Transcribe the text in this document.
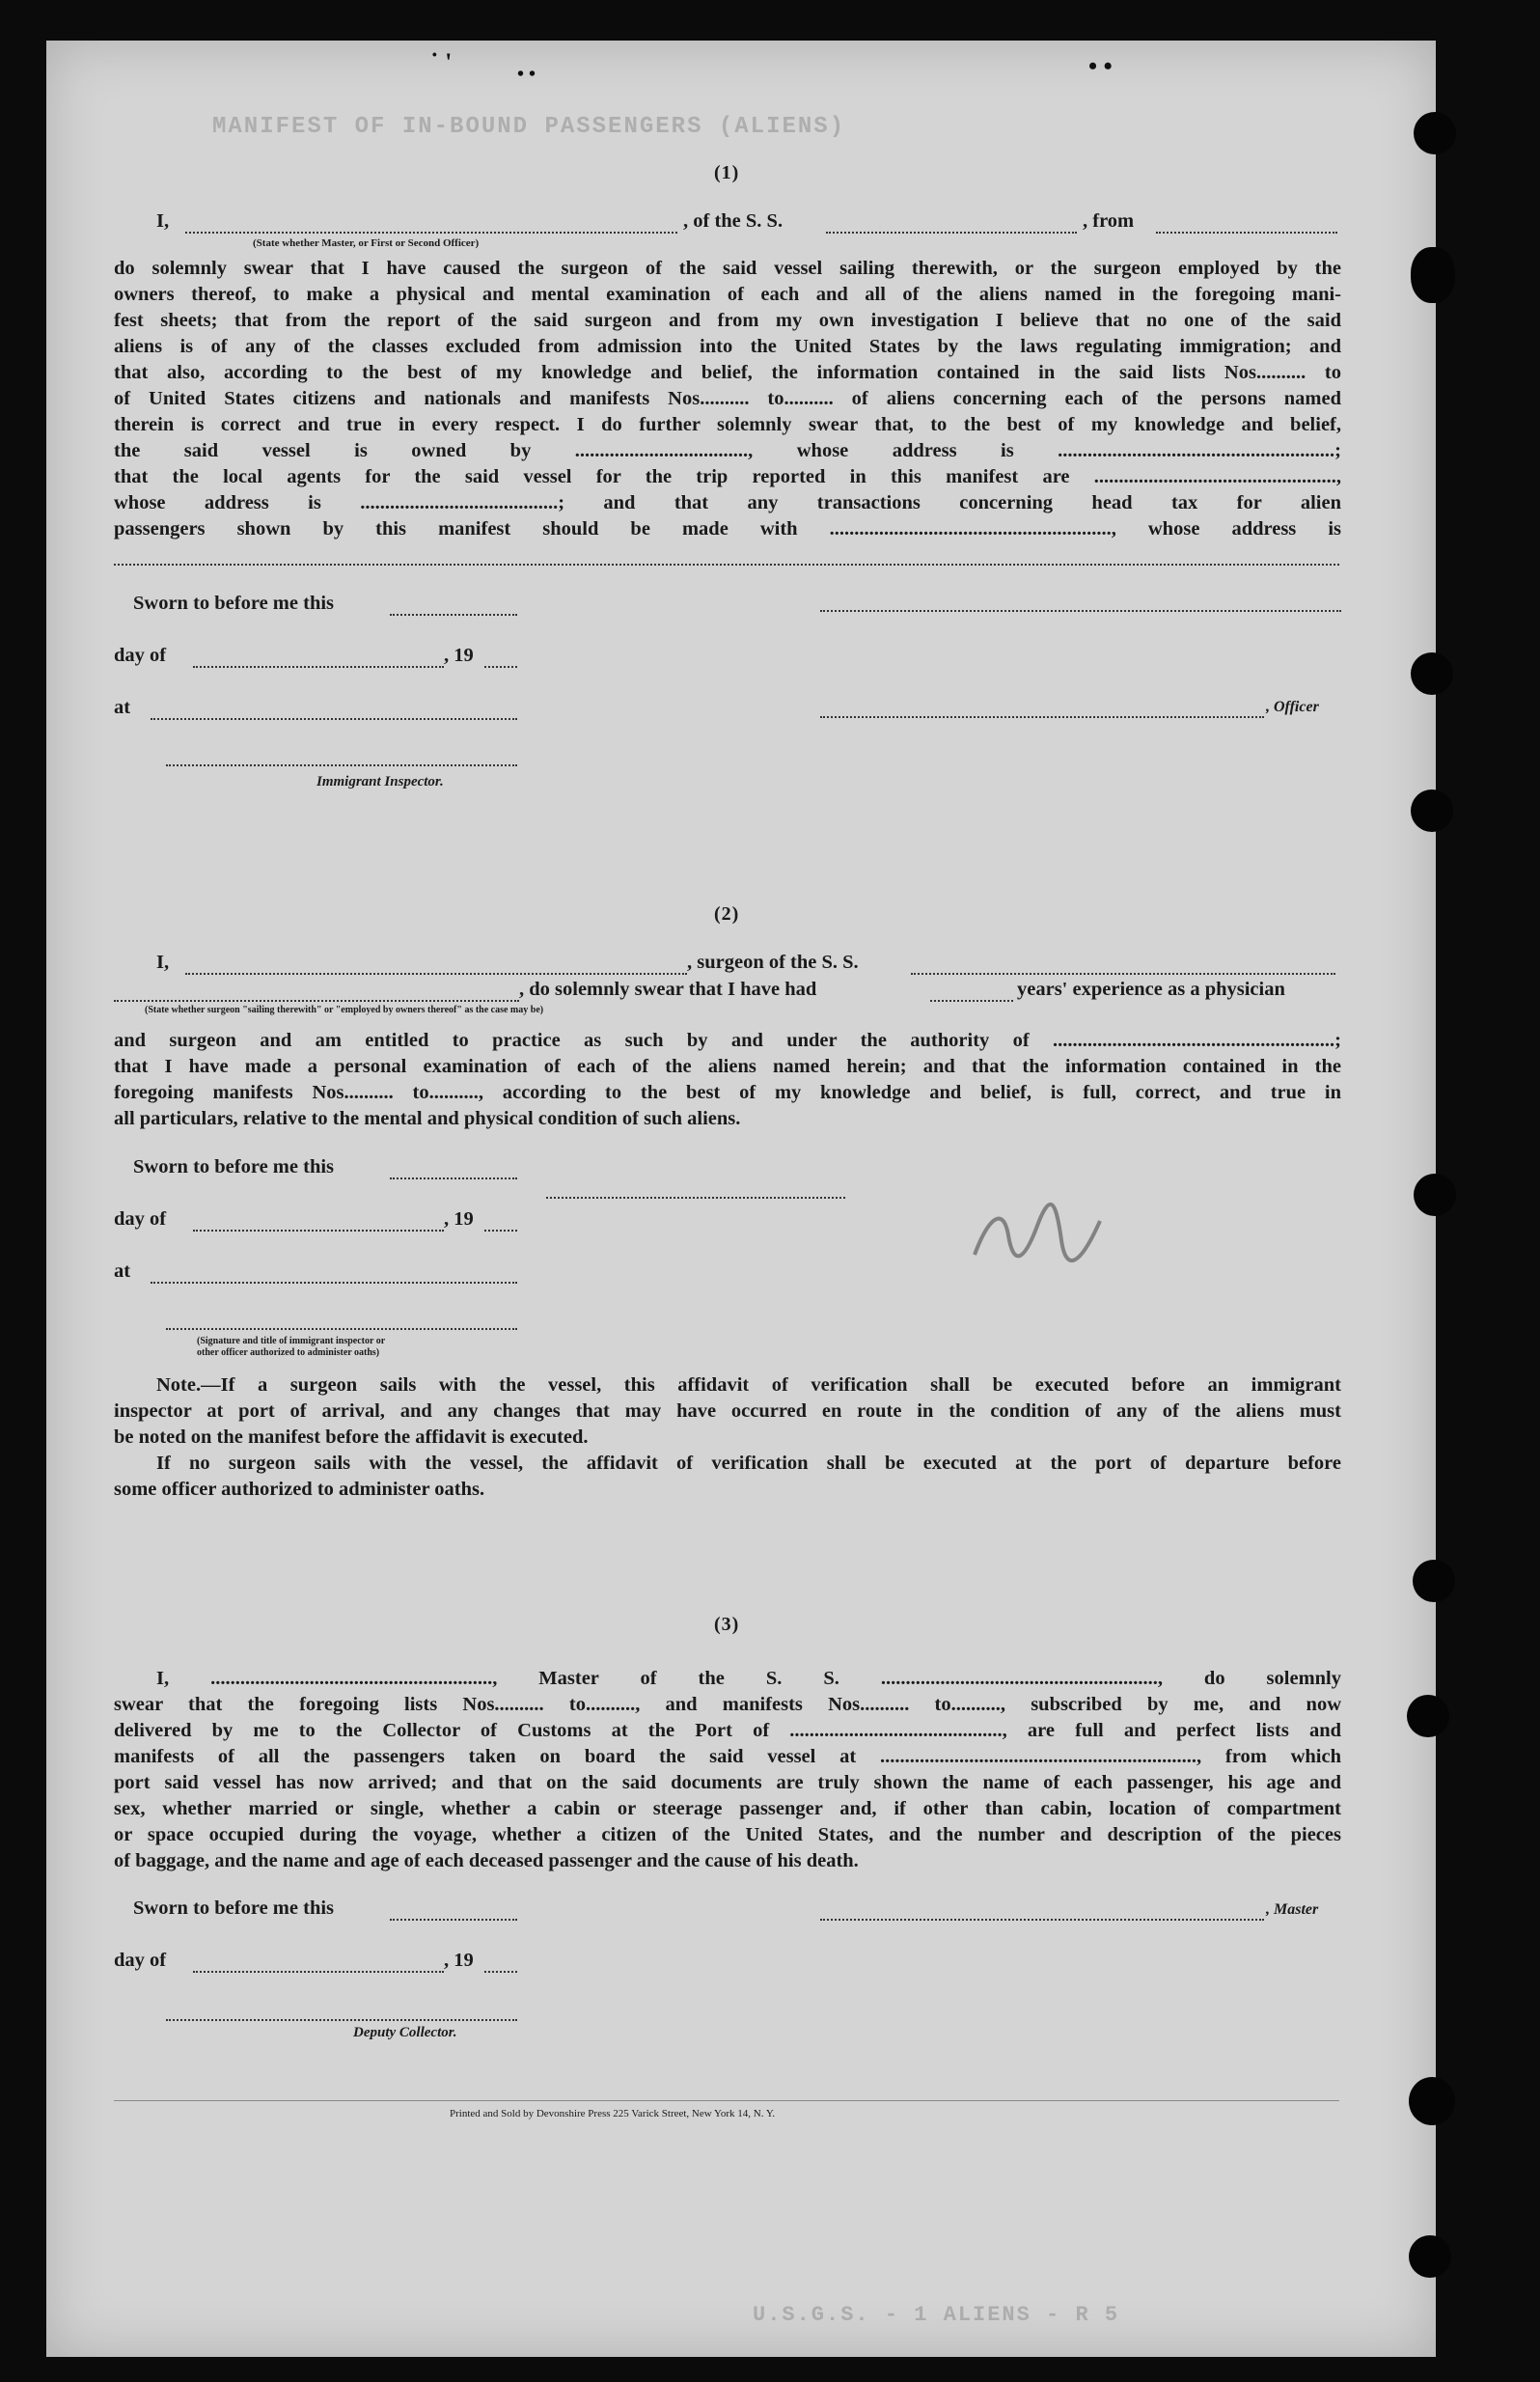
MANIFEST OF IN-BOUND PASSENGERS (ALIENS)
U.S.G.S. - 1 ALIENS - R 5
˙ '	• •	• •
(1)
I,	, of the S. S.	, from
(State whether Master, or First or Second Officer)
do solemnly swear that I have caused the surgeon of the said vessel sailing therewith, or the surgeon employed by the
owners thereof, to make a physical and mental examination of each and all of the aliens named in the foregoing mani-
fest sheets; that from the report of the said surgeon and from my own investigation I believe that no one of the said
aliens is of any of the classes excluded from admission into the United States by the laws regulating immigration; and
that also, according to the best of my knowledge and belief, the information contained in the said lists Nos.......... to
of United States citizens and nationals and manifests Nos.......... to.......... of aliens concerning each of the persons named
therein is correct and true in every respect. I do further solemnly swear that, to the best of my knowledge and belief,
the said vessel is owned by ..................................., whose address is ........................................................;
that the local agents for the said vessel for the trip reported in this manifest are .................................................,
whose address is ........................................; and that any transactions concerning head tax for alien
passengers shown by this manifest should be made with ........................................................., whose address is
Sworn to before me this
day of	, 19
at	, Officer
Immigrant Inspector.
(2)
I,	, surgeon of the S. S.
, do solemnly swear that I have had	years' experience as a physician
(State whether surgeon "sailing therewith" or "employed by owners thereof" as the case may be)
and surgeon and am entitled to practice as such by and under the authority of .........................................................;
that I have made a personal examination of each of the aliens named herein; and that the information contained in the
foregoing manifests Nos.......... to.........., according to the best of my knowledge and belief, is full, correct, and true in
all particulars, relative to the mental and physical condition of such aliens.
Sworn to before me this
day of	, 19
at
(Signature and title of immigrant inspector or
other officer authorized to administer oaths)
Note.—If a surgeon sails with the vessel, this affidavit of verification shall be executed before an immigrant
inspector at port of arrival, and any changes that may have occurred en route in the condition of any of the aliens must
be noted on the manifest before the affidavit is executed.
If no surgeon sails with the vessel, the affidavit of verification shall be executed at the port of departure before
some officer authorized to administer oaths.
(3)
I, ........................................................., Master of the S. S. ........................................................, do solemnly
swear that the foregoing lists Nos.......... to.........., and manifests Nos.......... to.........., subscribed by me, and now
delivered by me to the Collector of Customs at the Port of ..........................................., are full and perfect lists and
manifests of all the passengers taken on board the said vessel at ................................................................, from which
port said vessel has now arrived; and that on the said documents are truly shown the name of each passenger, his age and
sex, whether married or single, whether a cabin or steerage passenger and, if other than cabin, location of compartment
or space occupied during the voyage, whether a citizen of the United States, and the number and description of the pieces
of baggage, and the name and age of each deceased passenger and the cause of his death.
Sworn to before me this	, Master
day of	, 19
Deputy Collector.
Printed and Sold by Devonshire Press 225 Varick Street, New York 14, N. Y.
